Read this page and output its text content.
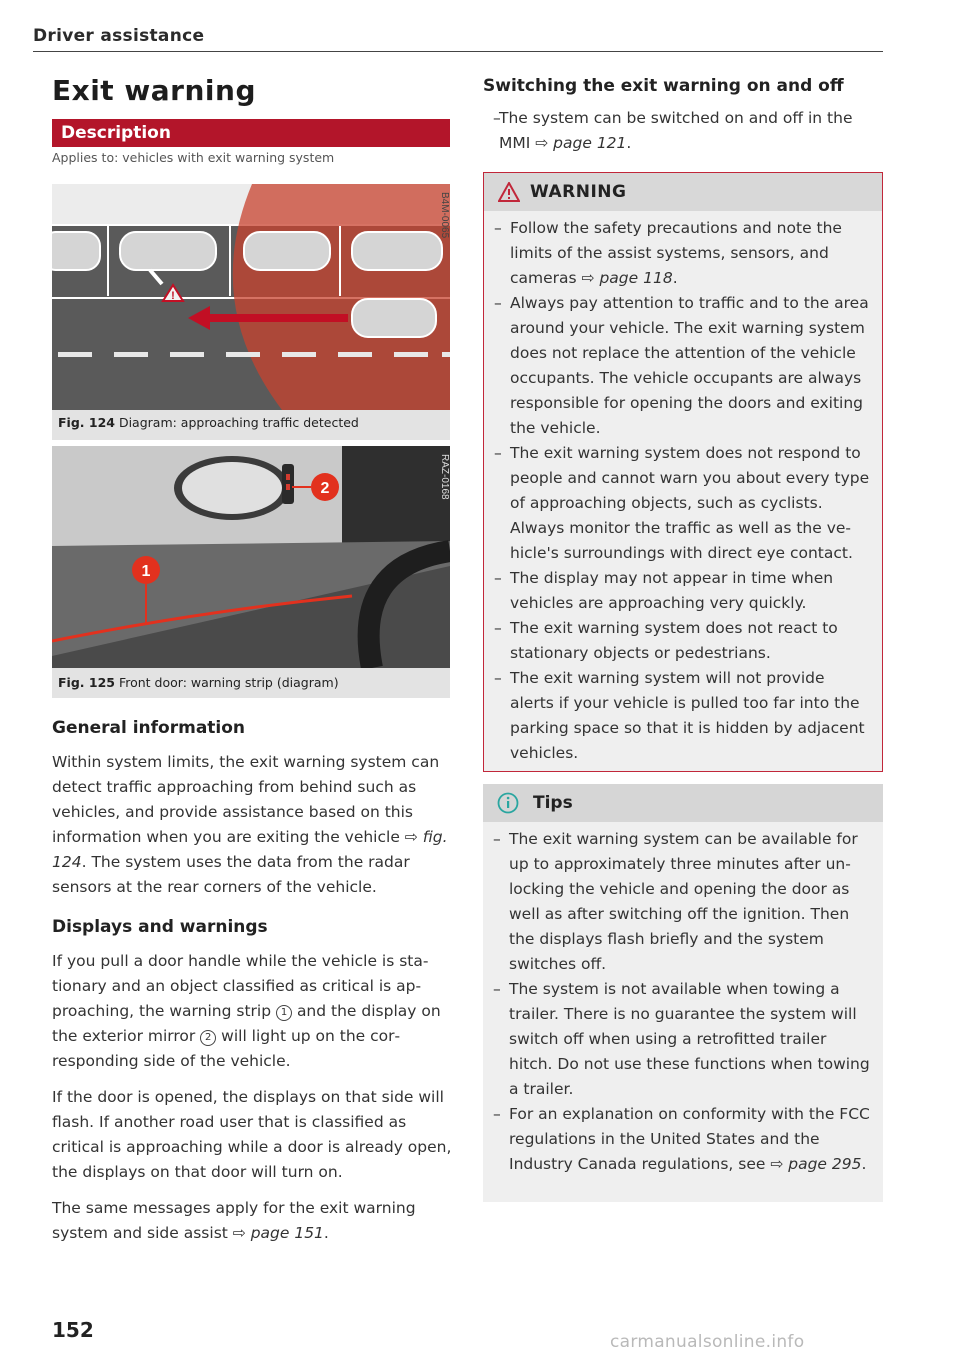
Driver assistance
Exit warning
Description
Applies to: vehicles with exit warning system
!
B4M-0065
Fig. 124 Diagram: approaching traffic detected
1
2	RAZ-0168
Fig. 125 Front door: warning strip (diagram)
General information

Within system limits, the exit warning system can detect traffic approaching from behind such as vehicles, and provide assistance based on this information when you are exiting the vehicle ⇨ fig. 124. The system uses the data from the radar sensors at the rear corners of the vehicle.

Displays and warnings

If you pull a door handle while the vehicle is stationary and an object classified as critical is approaching, the warning strip 1 and the display on the exterior mirror 2 will light up on the corresponding side of the vehicle.

If the door is opened, the displays on that side will flash. If another road user that is classified as critical is approaching while a door is already open, the displays on that door will turn on.

The same messages apply for the exit warning system and side assist ⇨ page 151.

Switching the exit warning on and off
– The system can be switched on and off in the MMI ⇨ page 121.
WARNING
– Follow the safety precautions and note the limits of the assist systems, sensors, and cameras ⇨ page 118.
– Always pay attention to traffic and to the area around your vehicle. The exit warning system does not replace the attention of the vehicle occupants. The vehicle occupants are always responsible for opening the doors and exiting the vehicle.
– The exit warning system does not respond to people and cannot warn you about every type of approaching objects, such as cyclists. Always monitor the traffic as well as the vehicle's surroundings with direct eye contact.
– The display may not appear in time when vehicles are approaching very quickly.
– The exit warning system does not react to stationary objects or pedestrians.
– The exit warning system will not provide alerts if your vehicle is pulled too far into the parking space so that it is hidden by adjacent vehicles.
Tips
– The exit warning system can be available for up to approximately three minutes after unlocking the vehicle and opening the door as well as after switching off the ignition. Then the displays flash briefly and the system switches off.
– The system is not available when towing a trailer. There is no guarantee the system will switch off when using a retrofitted trailer hitch. Do not use these functions when towing a trailer.
– For an explanation on conformity with the FCC regulations in the United States and the Industry Canada regulations, see ⇨ page 295.
152	carmanualsonline.info
